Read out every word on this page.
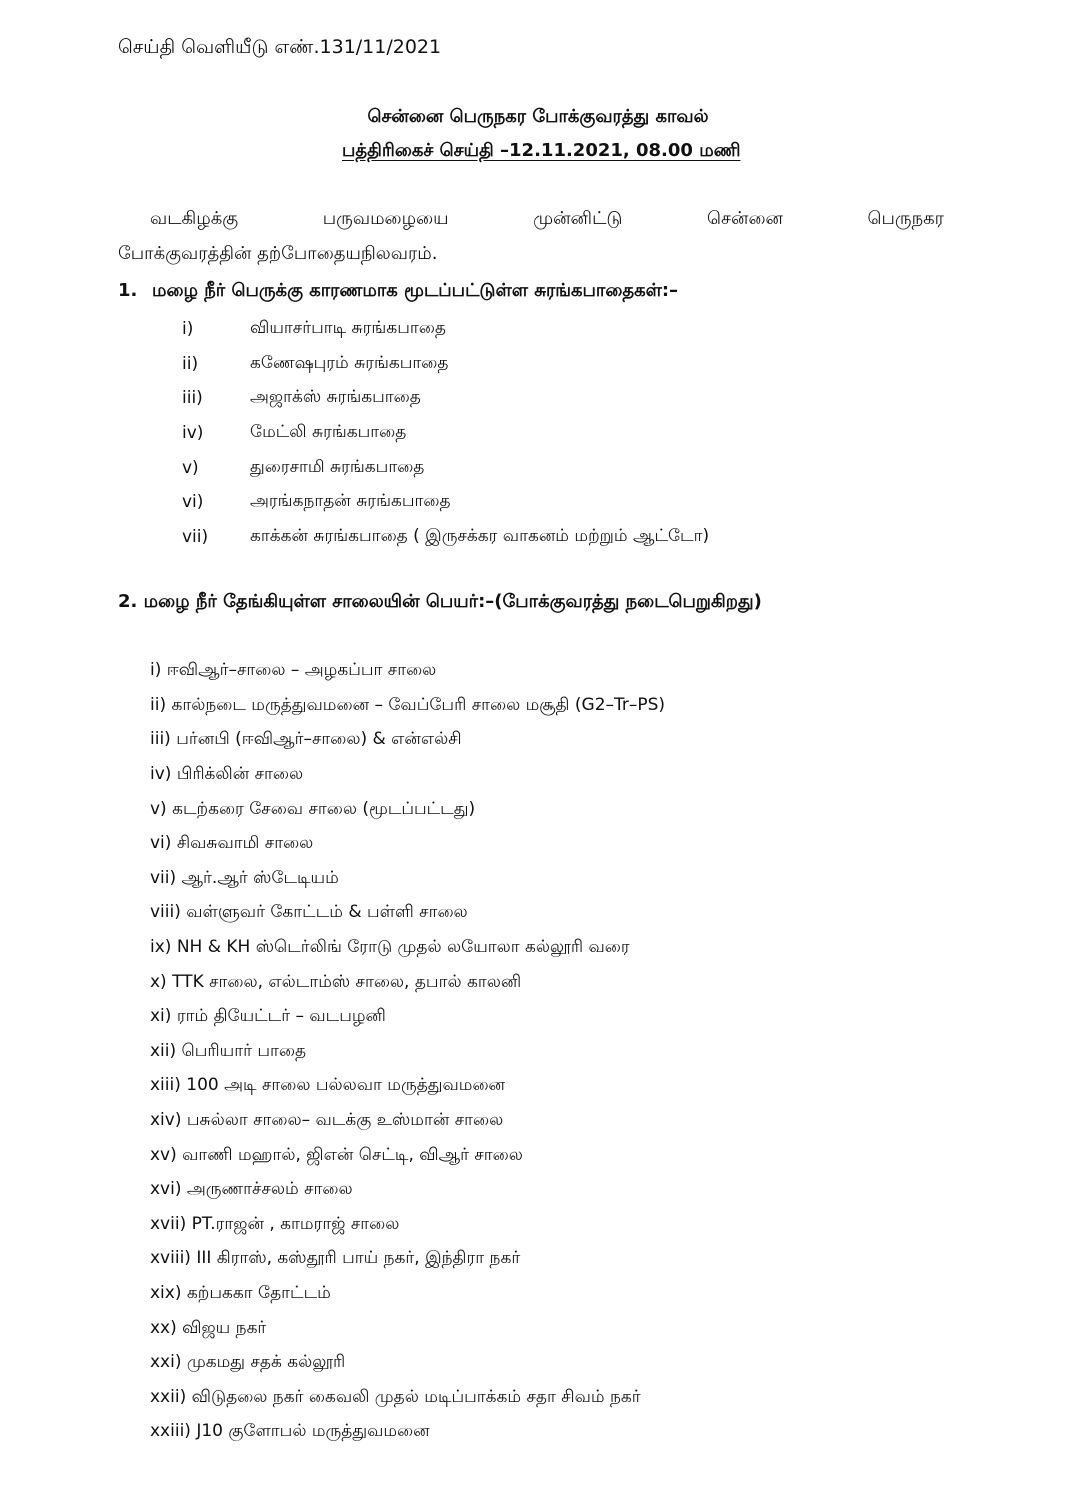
செய்தி வெளியீடு எண்.131/11/2021
சென்னை பெருநகர போக்குவரத்து காவல்
பத்திரிகைச் செய்தி –12.11.2021, 08.00 மணி
வடகிழக்கு	பருவமழையை	முன்னிட்டு	சென்னை	பெருநகர
போக்குவரத்தின் தற்போதையநிலவரம்.
1. மழை நீர் பெருக்கு காரணமாக மூடப்பட்டுள்ள சுரங்கபாதைகள்:–
i)	வியாசர்பாடி சுரங்கபாதை
ii)	கணேஷபுரம் சுரங்கபாதை
iii)	அஜாக்ஸ் சுரங்கபாதை
iv)	மேட்லி சுரங்கபாதை
v)	துரைசாமி சுரங்கபாதை
vi)	அரங்கநாதன் சுரங்கபாதை
vii)	காக்கன் சுரங்கபாதை ( இருசக்கர வாகனம் மற்றும் ஆட்டோ)
2. மழை நீர் தேங்கியுள்ள சாலையின் பெயர்:–(போக்குவரத்து நடைபெறுகிறது)
i) ஈவிஆர்–சாலை – அழகப்பா சாலை
ii) கால்நடை மருத்துவமனை – வேப்பேரி சாலை மசூதி (G2–Tr–PS)
iii) பர்னபி (ஈவிஆர்–சாலை) & என்எல்சி
iv) பிரிக்லின் சாலை
v) கடற்கரை சேவை சாலை (மூடப்பட்டது)
vi) சிவசுவாமி சாலை
vii) ஆர்.ஆர் ஸ்டேடியம்
viii) வள்ளுவர் கோட்டம் & பள்ளி சாலை
ix) NH & KH ஸ்டெர்லிங் ரோடு முதல் லயோலா கல்லூரி வரை
x) TTK சாலை, எல்டாம்ஸ் சாலை, தபால் காலனி
xi) ராம் தியேட்டர் – வடபழனி
xii) பெரியார் பாதை
xiii) 100 அடி சாலை பல்லவா மருத்துவமனை
xiv) பசுல்லா சாலை– வடக்கு உஸ்மான் சாலை
xv) வாணி மஹால், ஜிஎன் செட்டி, விஆர் சாலை
xvi) அருணாச்சலம் சாலை
xvii) PT.ராஜன் , காமராஜ் சாலை
xviii) III கிராஸ், கஸ்தூரி பாய் நகர், இந்திரா நகர்
xix) கற்பககா தோட்டம்
xx) விஜய நகர்
xxi) முகமது சதக் கல்லூரி
xxii) விடுதலை நகர் கைவலி முதல் மடிப்பாக்கம் சதா சிவம் நகர்
xxiii) J10 குளோபல் மருத்துவமனை
